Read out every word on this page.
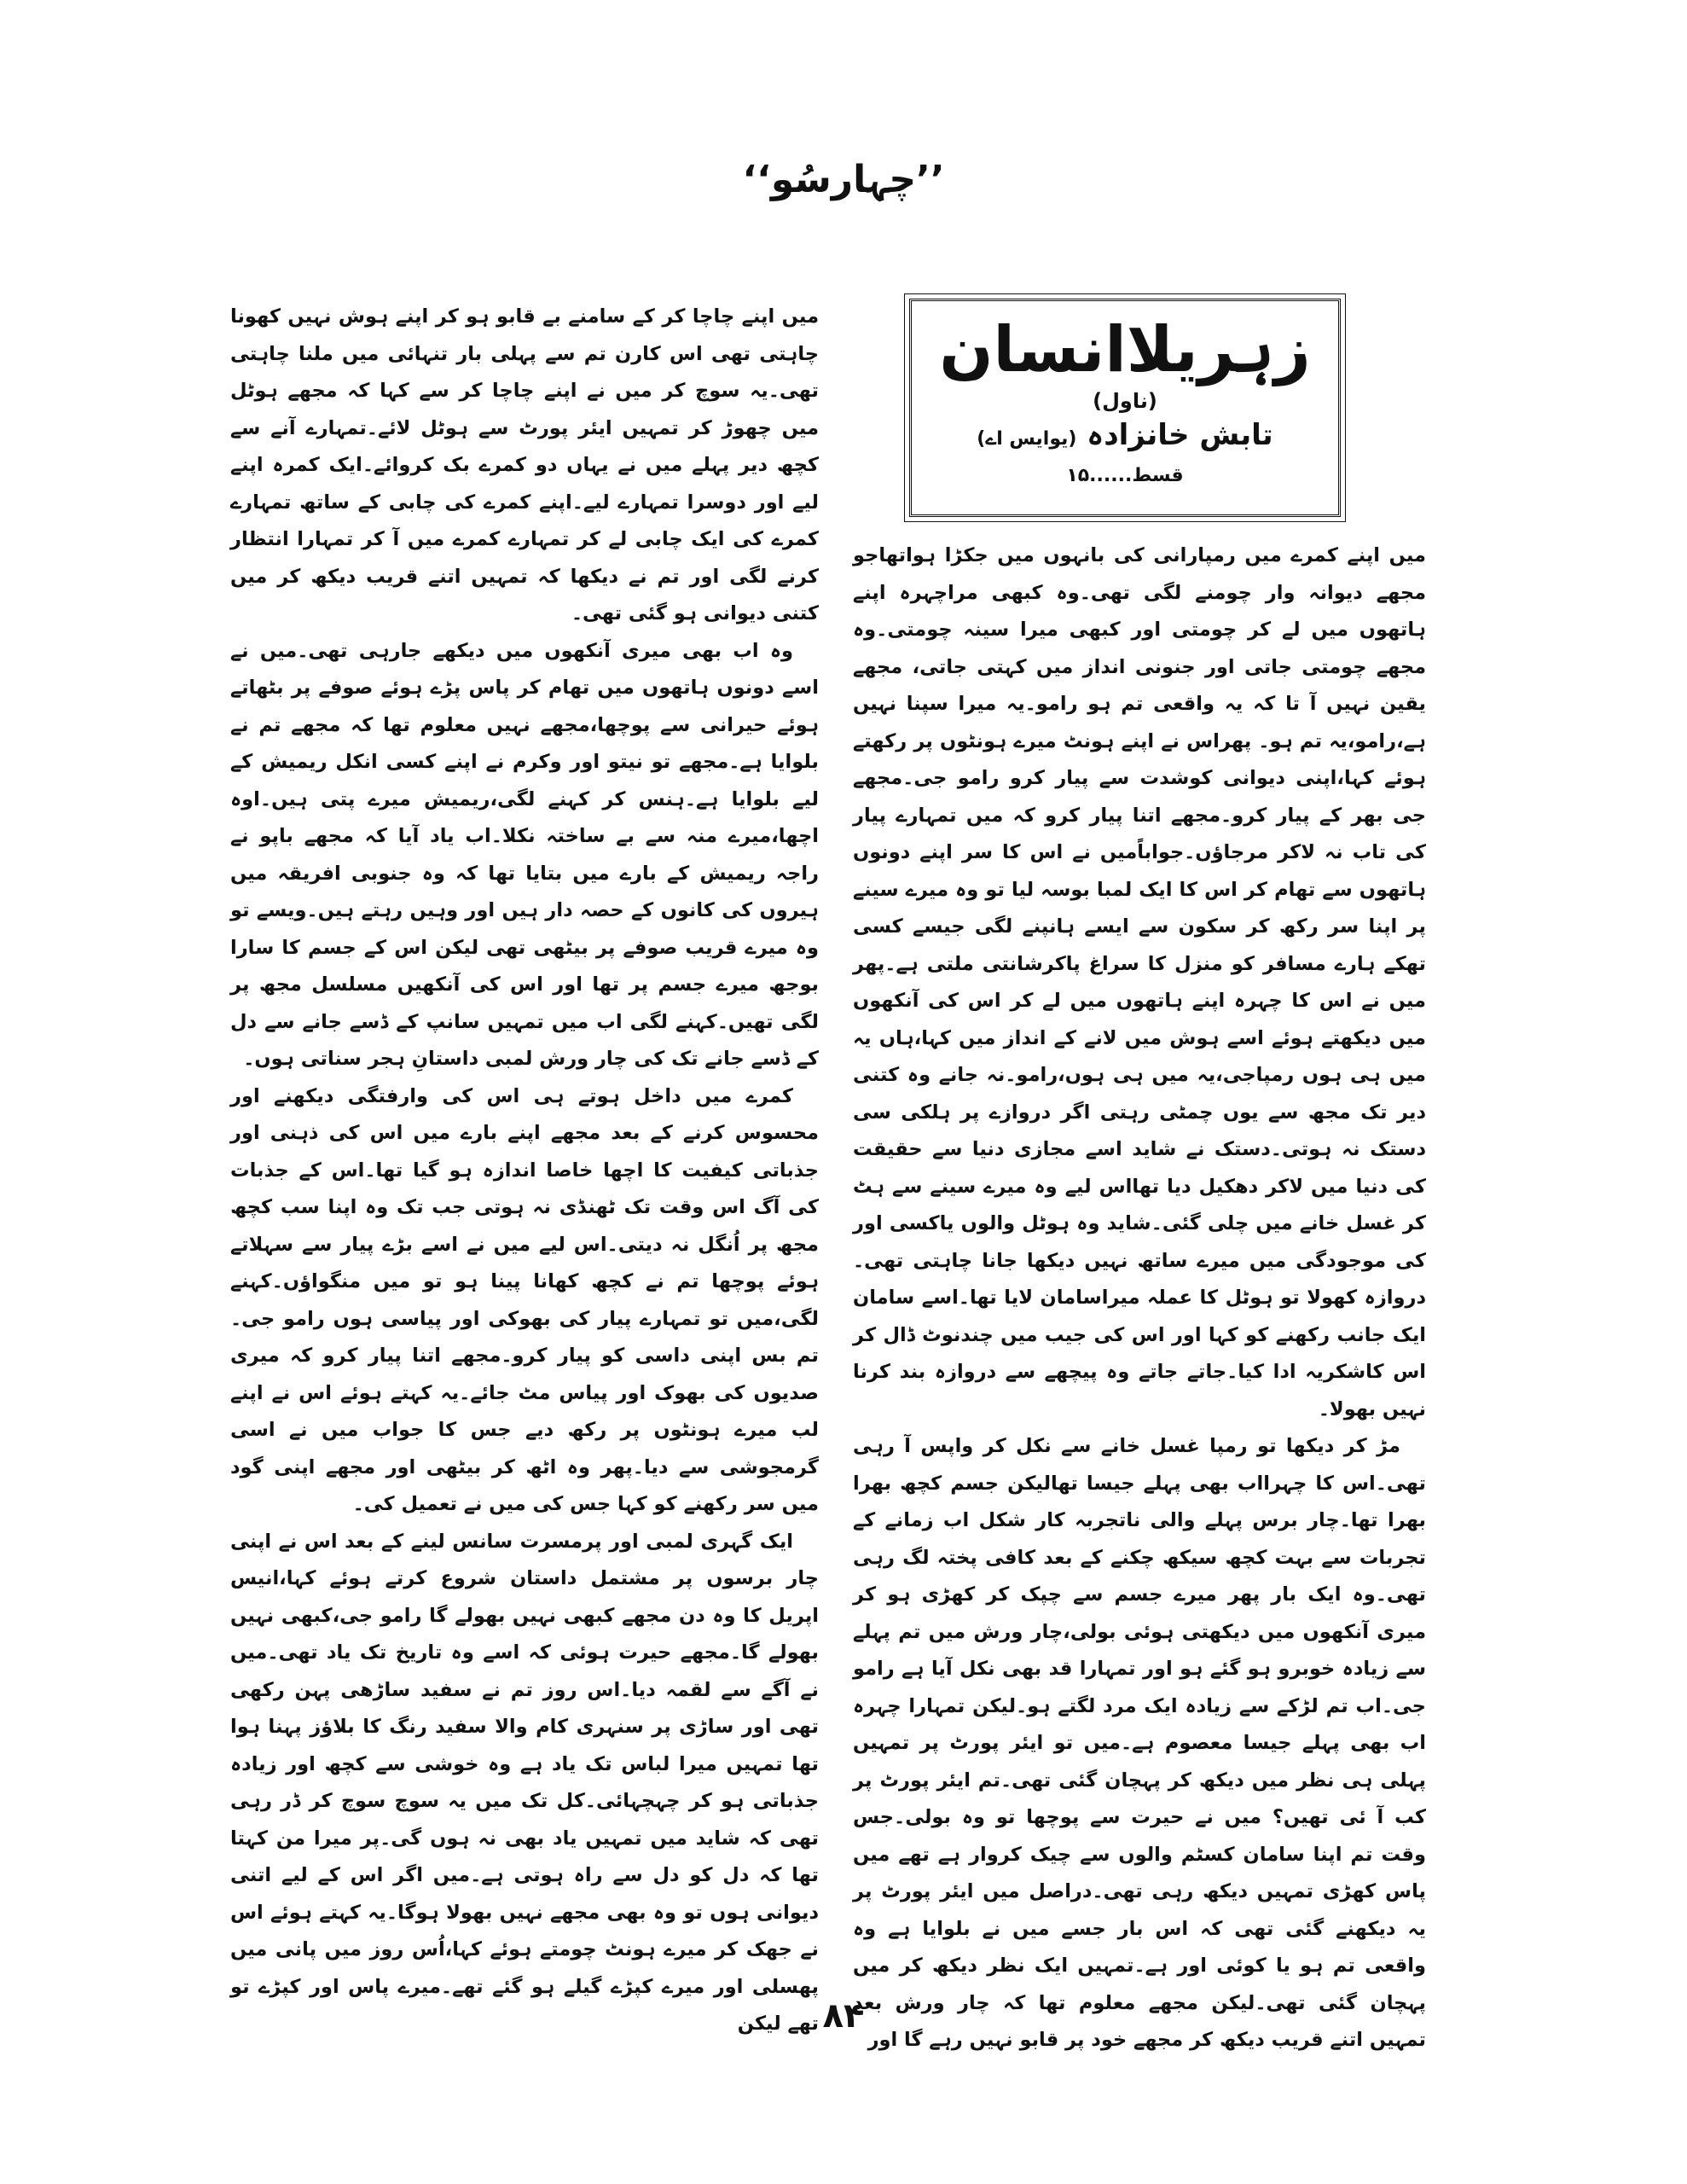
’’چہارسُو‘‘
زہریلاانسان
(ناول)
تابش خانزادہ (یوایس اے)
قسط......۱۵

میں اپنے کمرے میں رمپارانی کی بانہوں میں جکڑا ہواتھاجو مجھے دیوانہ وار چومنے لگی تھی۔وہ کبھی مراچہرہ اپنے ہاتھوں میں لے کر چومتی اور کبھی میرا سینہ چومتی۔وہ مجھے چومتی جاتی اور جنونی انداز میں کہتی جاتی، مجھے یقین نہیں آ تا کہ یہ واقعی تم ہو رامو۔یہ میرا سپنا نہیں ہے،رامو،یہ تم ہو۔ پھراس نے اپنے ہونٹ میرے ہونٹوں پر رکھتے ہوئے کہا،اپنی دیوانی کوشدت سے پیار کرو رامو جی۔مجھے جی بھر کے پیار کرو۔مجھے اتنا پیار کرو کہ میں تمہارے پیار کی تاب نہ لاکر مرجاؤں۔جواباًمیں نے اس کا سر اپنے دونوں ہاتھوں سے تھام کر اس کا ایک لمبا بوسہ لیا تو وہ میرے سینے پر اپنا سر رکھ کر سکون سے ایسے ہانپنے لگی جیسے کسی تھکے ہارے مسافر کو منزل کا سراغ پاکرشانتی ملتی ہے۔پھر میں نے اس کا چہرہ اپنے ہاتھوں میں لے کر اس کی آنکھوں میں دیکھتے ہوئے اسے ہوش میں لانے کے انداز میں کہا،ہاں یہ میں ہی ہوں رمپاجی،یہ میں ہی ہوں،رامو۔نہ جانے وہ کتنی دیر تک مجھ سے یوں چمٹی رہتی اگر دروازے پر ہلکی سی دستک نہ ہوتی۔دستک نے شاید اسے مجازی دنیا سے حقیقت کی دنیا میں لاکر دھکیل دیا تھااس لیے وہ میرے سینے سے ہٹ کر غسل خانے میں چلی گئی۔شاید وہ ہوٹل والوں یاکسی اور کی موجودگی میں میرے ساتھ نہیں دیکھا جانا چاہتی تھی۔دروازہ کھولا تو ہوٹل کا عملہ میراسامان لایا تھا۔اسے سامان ایک جانب رکھنے کو کہا اور اس کی جیب میں چندنوٹ ڈال کر اس کاشکریہ ادا کیا۔جاتے جاتے وہ پیچھے سے دروازہ بند کرنا نہیں بھولا۔

مڑ کر دیکھا تو رمپا غسل خانے سے نکل کر واپس آ رہی تھی۔اس کا چہرااب بھی پہلے جیسا تھالیکن جسم کچھ بھرا بھرا تھا۔چار برس پہلے والی ناتجربہ کار شکل اب زمانے کے تجربات سے بہت کچھ سیکھ چکنے کے بعد کافی پختہ لگ رہی تھی۔وہ ایک بار پھر میرے جسم سے چپک کر کھڑی ہو کر میری آنکھوں میں دیکھتی ہوئی بولی،چار ورش میں تم پہلے سے زیادہ خوبرو ہو گئے ہو اور تمہارا قد بھی نکل آیا ہے رامو جی۔اب تم لڑکے سے زیادہ ایک مرد لگتے ہو۔لیکن تمہارا چہرہ اب بھی پہلے جیسا معصوم ہے۔میں تو ایئر پورٹ پر تمہیں پہلی ہی نظر میں دیکھ کر پہچان گئی تھی۔تم ایئر پورٹ پر کب آ ئی تھیں؟ میں نے حیرت سے پوچھا تو وہ بولی۔جس وقت تم اپنا سامان کسٹم والوں سے چیک کروار ہے تھے میں پاس کھڑی تمہیں دیکھ رہی تھی۔دراصل میں ایئر پورٹ پر یہ دیکھنے گئی تھی کہ اس بار جسے میں نے بلوایا ہے وہ واقعی تم ہو یا کوئی اور ہے۔تمہیں ایک نظر دیکھ کر میں پہچان گئی تھی۔لیکن مجھے معلوم تھا کہ چار ورش بعد تمہیں اتنے قریب دیکھ کر مجھے خود پر قابو نہیں رہے گا اور

میں اپنے چاچا کر کے سامنے بے قابو ہو کر اپنے ہوش نہیں کھونا چاہتی تھی اس کارن تم سے پہلی بار تنہائی میں ملنا چاہتی تھی۔یہ سوچ کر میں نے اپنے چاچا کر سے کہا کہ مجھے ہوٹل میں چھوڑ کر تمہیں ایئر پورٹ سے ہوٹل لائے۔تمہارے آنے سے کچھ دیر پہلے میں نے یہاں دو کمرے بک کروائے۔ایک کمرہ اپنے لیے اور دوسرا تمہارے لیے۔اپنے کمرے کی چابی کے ساتھ تمہارے کمرے کی ایک چابی لے کر تمہارے کمرے میں آ کر تمہارا انتظار کرنے لگی اور تم نے دیکھا کہ تمہیں اتنے قریب دیکھ کر میں کتنی دیوانی ہو گئی تھی۔

وہ اب بھی میری آنکھوں میں دیکھے جارہی تھی۔میں نے اسے دونوں ہاتھوں میں تھام کر پاس پڑے ہوئے صوفے پر بٹھاتے ہوئے حیرانی سے پوچھا،مجھے نہیں معلوم تھا کہ مجھے تم نے بلوایا ہے۔مجھے تو نیتو اور وکرم نے اپنے کسی انکل ریمیش کے لیے بلوایا ہے۔ہنس کر کہنے لگی،ریمیش میرے پتی ہیں۔اوہ اچھا،میرے منہ سے بے ساختہ نکلا۔اب یاد آیا کہ مجھے باپو نے راجہ ریمیش کے بارے میں بتایا تھا کہ وہ جنوبی افریقہ میں ہیروں کی کانوں کے حصہ دار ہیں اور وہیں رہتے ہیں۔ویسے تو وہ میرے قریب صوفے پر بیٹھی تھی لیکن اس کے جسم کا سارا بوجھ میرے جسم پر تھا اور اس کی آنکھیں مسلسل مجھ پر لگی تھیں۔کہنے لگی اب میں تمہیں سانپ کے ڈسے جانے سے دل کے ڈسے جانے تک کی چار ورش لمبی داستانِ ہجر سناتی ہوں۔

کمرے میں داخل ہوتے ہی اس کی وارفتگی دیکھنے اور محسوس کرنے کے بعد مجھے اپنے بارے میں اس کی ذہنی اور جذباتی کیفیت کا اچھا خاصا اندازہ ہو گیا تھا۔اس کے جذبات کی آگ اس وقت تک ٹھنڈی نہ ہوتی جب تک وہ اپنا سب کچھ مجھ پر اُنگل نہ دیتی۔اس لیے میں نے اسے بڑے پیار سے سہلاتے ہوئے پوچھا تم نے کچھ کھانا پینا ہو تو میں منگواؤں۔کہنے لگی،میں تو تمہارے پیار کی بھوکی اور پیاسی ہوں رامو جی۔تم بس اپنی داسی کو پیار کرو۔مجھے اتنا پیار کرو کہ میری صدیوں کی بھوک اور پیاس مٹ جائے۔یہ کہتے ہوئے اس نے اپنے لب میرے ہونٹوں پر رکھ دیے جس کا جواب میں نے اسی گرمجوشی سے دیا۔پھر وہ اٹھ کر بیٹھی اور مجھے اپنی گود میں سر رکھنے کو کہا جس کی میں نے تعمیل کی۔

ایک گہری لمبی اور پرمسرت سانس لینے کے بعد اس نے اپنی چار برسوں پر مشتمل داستان شروع کرتے ہوئے کہا،انیس اپریل کا وہ دن مجھے کبھی نہیں بھولے گا رامو جی،کبھی نہیں بھولے گا۔مجھے حیرت ہوئی کہ اسے وہ تاریخ تک یاد تھی۔میں نے آگے سے لقمہ دیا۔اس روز تم نے سفید ساڑھی پہن رکھی تھی اور ساڑی پر سنہری کام والا سفید رنگ کا بلاؤز پہنا ہوا تھا تمہیں میرا لباس تک یاد ہے وہ خوشی سے کچھ اور زیادہ جذباتی ہو کر چہچہائی۔کل تک میں یہ سوچ سوچ کر ڈر رہی تھی کہ شاید میں تمہیں یاد بھی نہ ہوں گی۔پر میرا من کہتا تھا کہ دل کو دل سے راہ ہوتی ہے۔میں اگر اس کے لیے اتنی دیوانی ہوں تو وہ بھی مجھے نہیں بھولا ہوگا۔یہ کہتے ہوئے اس نے جھک کر میرے ہونٹ چومتے ہوئے کہا،اُس روز میں پانی میں پھسلی اور میرے کپڑے گیلے ہو گئے تھے۔میرے پاس اور کپڑے تو تھے لیکن ۸۴
